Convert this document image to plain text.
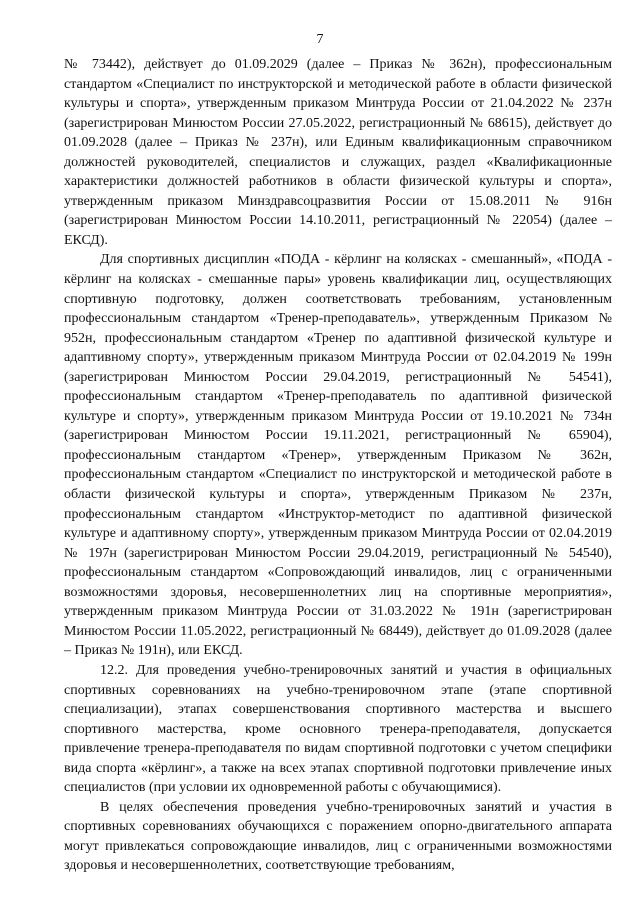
7

№ 73442), действует до 01.09.2029 (далее – Приказ № 362н), профессиональным стандартом «Специалист по инструкторской и методической работе в области физической культуры и спорта», утвержденным приказом Минтруда России от 21.04.2022 № 237н (зарегистрирован Минюстом России 27.05.2022, регистрационный № 68615), действует до 01.09.2028 (далее – Приказ № 237н), или Единым квалификационным справочником должностей руководителей, специалистов и служащих, раздел «Квалификационные характеристики должностей работников в области физической культуры и спорта», утвержденным приказом Минздравсоцразвития России от 15.08.2011 № 916н (зарегистрирован Минюстом России 14.10.2011, регистрационный № 22054) (далее – ЕКСД).

Для спортивных дисциплин «ПОДА - кёрлинг на колясках - смешанный», «ПОДА - кёрлинг на колясках - смешанные пары» уровень квалификации лиц, осуществляющих спортивную подготовку, должен соответствовать требованиям, установленным профессиональным стандартом «Тренер-преподаватель», утвержденным Приказом № 952н, профессиональным стандартом «Тренер по адаптивной физической культуре и адаптивному спорту», утвержденным приказом Минтруда России от 02.04.2019 № 199н (зарегистрирован Минюстом России 29.04.2019, регистрационный № 54541), профессиональным стандартом «Тренер-преподаватель по адаптивной физической культуре и спорту», утвержденным приказом Минтруда России от 19.10.2021 № 734н (зарегистрирован Минюстом России 19.11.2021, регистрационный № 65904), профессиональным стандартом «Тренер», утвержденным Приказом № 362н, профессиональным стандартом «Специалист по инструкторской и методической работе в области физической культуры и спорта», утвержденным Приказом № 237н, профессиональным стандартом «Инструктор-методист по адаптивной физической культуре и адаптивному спорту», утвержденным приказом Минтруда России от 02.04.2019 № 197н (зарегистрирован Минюстом России 29.04.2019, регистрационный № 54540), профессиональным стандартом «Сопровождающий инвалидов, лиц с ограниченными возможностями здоровья, несовершеннолетних лиц на спортивные мероприятия», утвержденным приказом Минтруда России от 31.03.2022 № 191н (зарегистрирован Минюстом России 11.05.2022, регистрационный № 68449), действует до 01.09.2028 (далее – Приказ № 191н), или ЕКСД.

12.2. Для проведения учебно-тренировочных занятий и участия в официальных спортивных соревнованиях на учебно-тренировочном этапе (этапе спортивной специализации), этапах совершенствования спортивного мастерства и высшего спортивного мастерства, кроме основного тренера-преподавателя, допускается привлечение тренера-преподавателя по видам спортивной подготовки с учетом специфики вида спорта «кёрлинг», а также на всех этапах спортивной подготовки привлечение иных специалистов (при условии их одновременной работы с обучающимися).

В целях обеспечения проведения учебно-тренировочных занятий и участия в спортивных соревнованиях обучающихся с поражением опорно-двигательного аппарата могут привлекаться сопровождающие инвалидов, лиц с ограниченными возможностями здоровья и несовершеннолетних, соответствующие требованиям,
